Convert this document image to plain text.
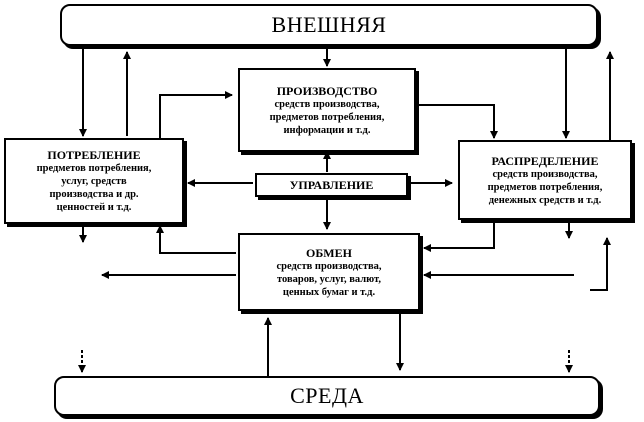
ВНЕШНЯЯ
ПРОИЗВОДСТВО
средств производства,
предметов потребления,
информации и т.д.
ПОТРЕБЛЕНИЕ
предметов потребления,
услуг, средств
производства и др.
ценностей и т.д.
РАСПРЕДЕЛЕНИЕ
средств производства,
предметов потребления,
денежных средств и т.д.
УПРАВЛЕНИЕ
ОБМЕН
средств производства,
товаров, услуг, валют,
ценных бумаг и т.д.
СРЕДА
